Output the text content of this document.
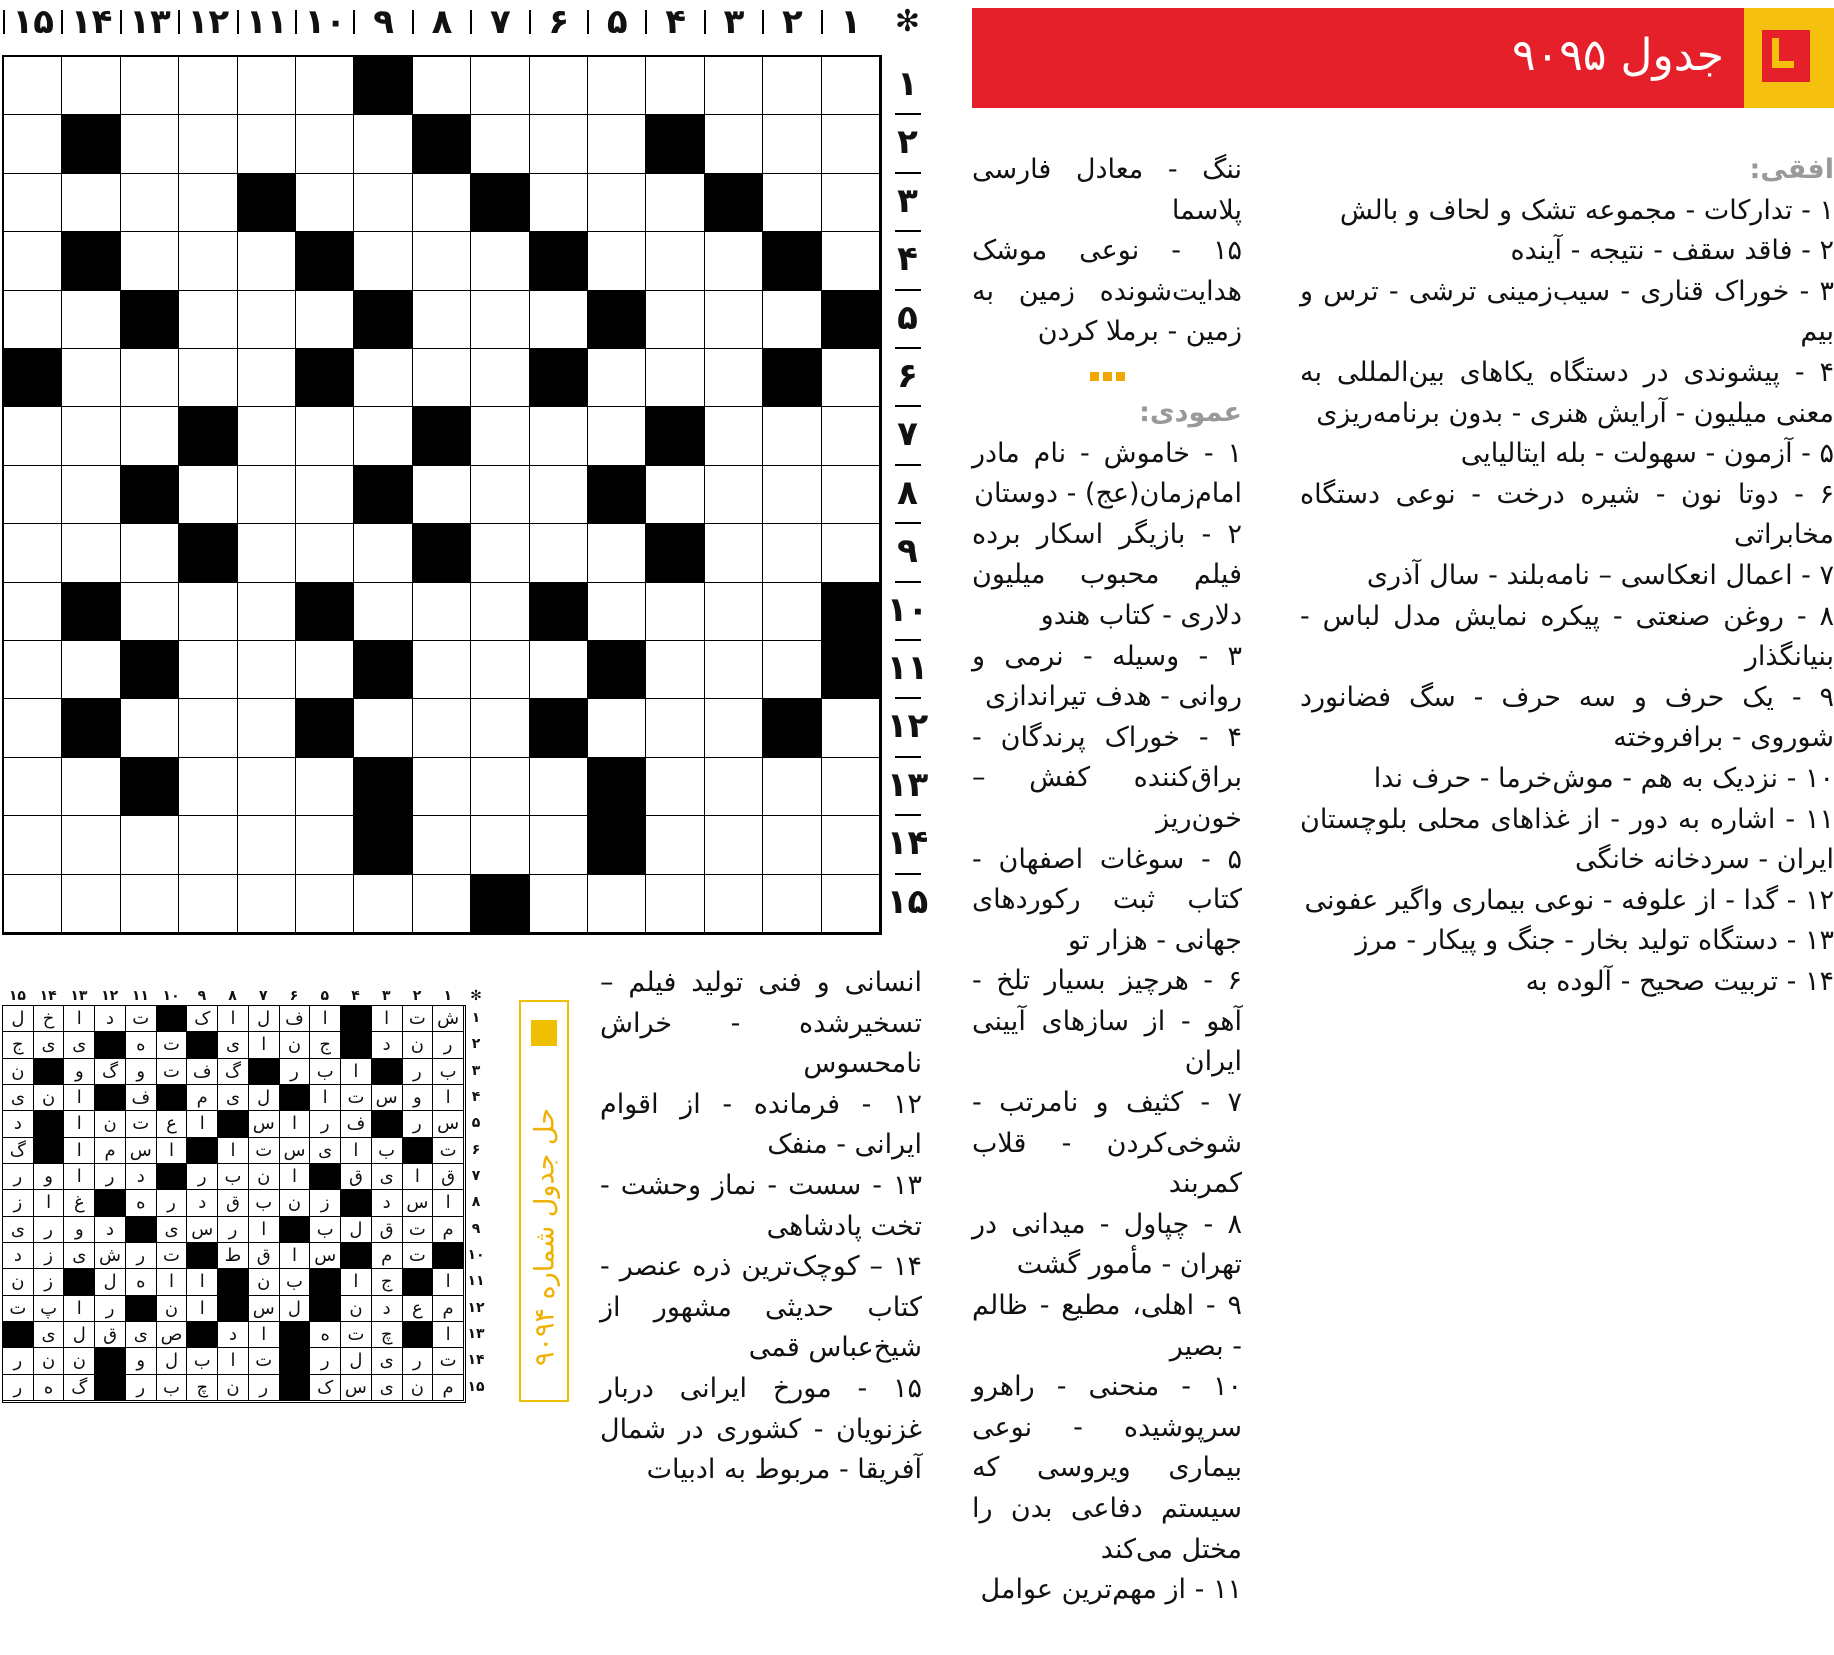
۱
۲
۳
۴
۵
۶
۷
۸
۹
۱۰
۱۱
۱۲
۱۳
۱۴
۱۵	✻
۱
۲
۳
۴
۵
۶
۷
۸
۹
۱۰
۱۱
۱۲
۱۳
۱۴
۱۵
جدول ۹۰۹۵

افقی:

۱ - تدارکات - مجموعه تشک و لحاف و بالش

۲ - فاقد سقف - نتیجه - آینده

۳ - خوراک قناری - سیب‌زمینی ترشی - ترس و بیم

۴ - پیشوندی در دستگاه یکاهای بین‌المللی به معنی میلیون - آرایش هنری - بدون برنامه‌ریزی

۵ - آزمون - سهولت - بله ایتالیایی

۶ - دوتا نون - شیره درخت - نوعی دستگاه مخابراتی

۷ - اعمال انعکاسی – نامه‌بلند - سال آذری

۸ - روغن صنعتی - پیکره نمایش مدل لباس - بنیانگذار

۹ - یک حرف و سه حرف - سگ فضانورد شوروی - برافروخته

۱۰ - نزدیک به هم - موش‌خرما - حرف ندا

۱۱ - اشاره به دور - از غذاهای محلی بلوچستان ایران - سردخانه خانگی

۱۲ - گدا - از علوفه - نوعی بیماری واگیر عفونی

۱۳ - دستگاه تولید بخار - جنگ و پیکار - مرز

۱۴ - تربیت صحیح - آلوده به

ننگ - معادل فارسی پلاسما

۱۵ - نوعی موشک هدایت‌شونده زمین به زمین - برملا کردن

عمودی:

۱ - خاموش - نام مادر امام‌زمان(عج) - دوستان

۲ - بازیگر اسکار برده فیلم محبوب میلیون دلاری - کتاب هندو

۳ - وسیله - نرمی و روانی - هدف تیراندازی

۴ - خوراک پرندگان - براق‌کننده کفش – خون‌ریز

۵ - سوغات اصفهان - کتاب ثبت رکوردهای جهانی - هزار تو

۶ - هرچیز بسیار تلخ - آهو - از سازهای آیینی ایران

۷ - کثیف و نامرتب - شوخی‌کردن - قلاب کمربند

۸ - چپاول - میدانی در تهران - مأمور گشت

۹ - اهلی، مطیع - ظالم - بصیر

۱۰ - منحنی - راهرو سرپوشیده - نوعی بیماری ویروسی که سیستم دفاعی بدن را مختل می‌کند

۱۱ - از مهم‌ترین عوامل

انسانی و فنی تولید فیلم – تسخیرشده - خراش نامحسوس

۱۲ - فرمانده - از اقوام ایرانی - منفک

۱۳ - سست - نماز وحشت - تخت پادشاهی

۱۴ – کوچک‌ترین ذره عنصر - کتاب حدیثی مشهور از شیخ‌عباس قمی

۱۵ - مورخ ایرانی دربار غزنویان - کشوری در شمال آفریقا - مربوط به ادبیات

حل جدول شماره ۹۰۹۴
۱
۲
۳
۴
۵
۶
۷
۸
۹
۱۰
۱۱
۱۲
۱۳
۱۴
۱۵	✻
۱
۲
۳
۴
۵
۶
۷
۸
۹
۱۰
۱۱
۱۲
۱۳
۱۴
۱۵
ش
ت
ا
ا
ف
ل
ا
ک
ت
د
ا
خ
ل
ر
ن
د
ج
ن
ا
ی
ت
ه
ی
ی
ج
ب
ر
ا
ب
ر
گ
ف
ت
و
گ
و
ن
ا
و
س
ت
ا
ل
ی
م
ف
ا
ن
ی
س
ر
ف
ر
ا
س
ا
ع
ت
ن
ا
د
ت
ب
ا
ی
س
ت
ا
ا
س
م
ا
گ
ق
ا
ی
ق
ا
ن
ب
ر
د
ر
ا
و
ر
ا
س
د
ز
ن
ب
ق
د
ر
ه
غ
ا
ز
م
ت
ق
ل
ب
ا
ر
س
ی
د
و
ر
ی
ت
م
س
ا
ق
ط
ت
ر
ش
ی
ز
د
ا
ج
ا
ب
ن
ا
ا
ه
ل
ز
ن
م
ع
د
ن
ل
س
ا
ن
ر
ا
پ
ت
ا
چ
ت
ه
ا
د
ص
ی
ق
ل
ی
ت
ر
ی
ل
ر
ت
ا
ب
ل
و
ن
ن
ر
م
ن
ی
س
ک
ر
ن
چ
ب
ر
گ
ه
ر
